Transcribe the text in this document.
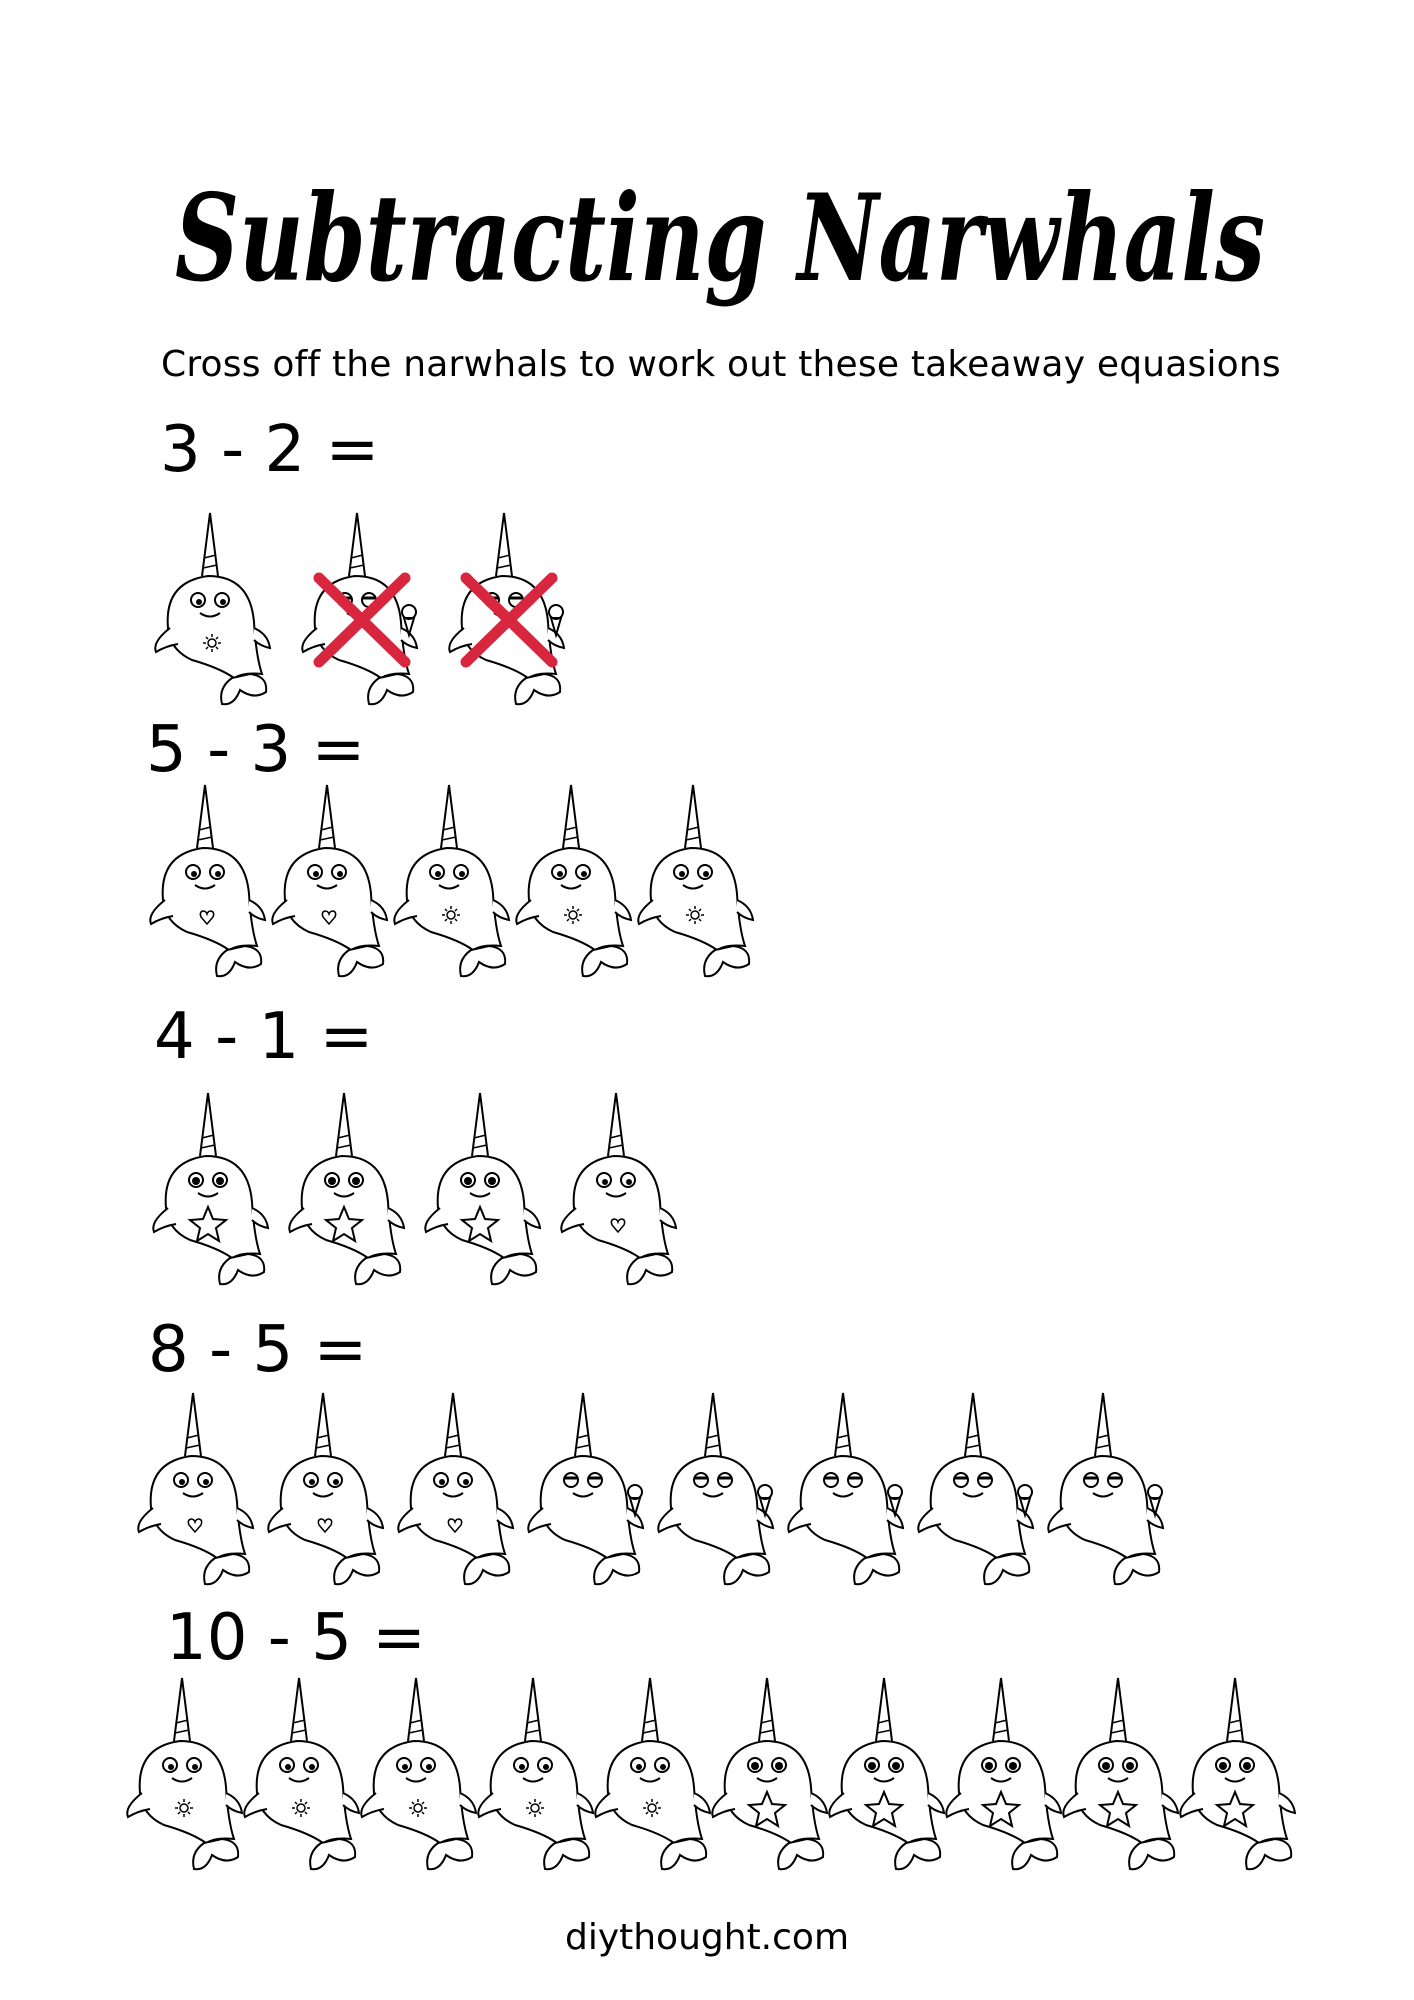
Subtracting Narwhals
Cross off the narwhals to work out these takeaway equasions
3 - 2 =
5 - 3 =
4 - 1 =
8 - 5 =
10 - 5 =
diythought.com
